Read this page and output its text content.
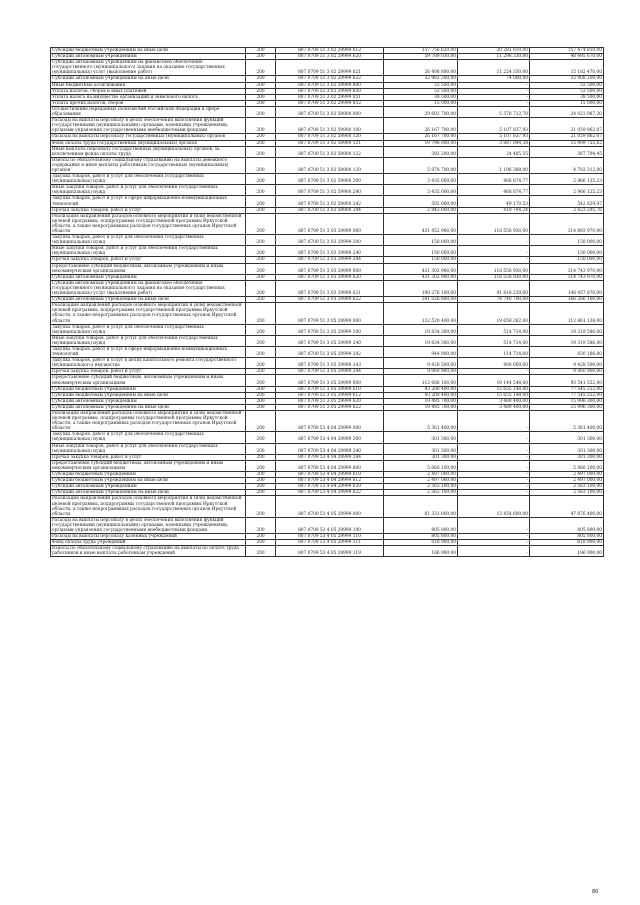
Субсидии бюджетным учреждениям на иные цели	200	807 0709 51 3 02 29999 612	157 756 620,00	20 281 810,00	157 474 810,00
Субсидии автономным учреждениям	200	807 0709 51 3 02 29999 620	59 789 030,00	11 298 330,00	48 495 670,00
Субсидии автономным учреждениям на финансовое обеспечение государственного (муниципального) задания на оказание государственных (муниципальных) услуг (выполнение работ)	200	807 0709 51 3 02 29999 621	26 406 800,00	11 224 330,00	15 182 470,00
Субсидии автономным учреждениям на иные цели	200	807 0709 51 3 02 29999 622	32 982 200,00	74 000,00	32 908 200,00
Иные бюджетные ассигнования	200	807 0709 51 3 02 29999 800	53 500,00	-	53 500,00
Уплата налогов, сборов и иных платежей	200	807 0709 51 3 02 29999 850	53 500,00	-	53 500,00
Уплата налога на имущество организаций и земельного налога	200	807 0709 51 3 02 29999 851	38 500,00	-	38 500,00
Уплата прочих налогов, сборов	200	807 0709 51 3 02 29999 852	15 000,00	-	15 000,00
Осуществление переданных полномочий Российской Федерации в сфере образования	200	807 0709 51 3 02 59900 000	29 602 700,00	5 578 712,70	24 023 987,30
Расходы на выплаты персоналу в целях обеспечения выполнения функций государственными (муниципальными) органами, казенными учреждениями, органами управления государственными внебюджетными фондами	200	807 0709 51 3 02 59900 100	26 167 700,00	5 107 837,93	21 059 862,07
Расходы на выплаты персоналу государственных (муниципальных) органов	200	807 0709 51 3 02 59900 120	26 167 700,00	5 107 837,93	21 059 862,07
Фонд оплаты труда государственных (муниципальных) органов	200	807 0709 51 3 02 59900 121	19 796 800,00	3 887 044,38	15 909 755,62
Иные выплаты персоналу государственных (муниципальных) органов, за исключением фонда оплаты труда	200	807 0709 51 3 02 59900 122	392 200,00	24 405,55	367 794,45
Взносы по обязательному социальному страхованию на выплаты денежного содержания и иные выплаты работникам государственных (муниципальных) органов	200	807 0709 51 3 02 59900 129	5 978 700,00	1 196 388,00	4 782 312,00
Закупка товаров, работ и услуг для обеспечения государственных (муниципальных) нужд	200	807 0709 51 3 02 59900 200	3 435 000,00	468 874,77	2 966 125,23
Иные закупки товаров, работ и услуг для обеспечения государственных (муниципальных) нужд	200	807 0709 51 3 02 59900 240	3 435 000,00	468 874,77	2 966 125,23
Закупка товаров, работ и услуг в сфере информационно-коммуникационных технологий	200	807 0709 51 3 02 59900 242	592 000,00	49 170,53	542 829,47
Прочая закупка товаров, работ и услуг	200	807 0709 51 3 02 59900 244	2 843 000,00	419 704,24	2 423 295,76
Реализация направлений расходов основного мероприятия и (или) ведомственной целевой программы, подпрограммы государственной программы Иркутской области, а также непрограммных расходов государственных органов Иркутской области	200	807 0709 51 3 03 29999 000	431 452 900,00	116 558 930,00	314 893 970,00
Закупка товаров, работ и услуг для обеспечения государственных (муниципальных) нужд	200	807 0709 51 3 03 29999 200	150 000,00	-	150 000,00
Иные закупки товаров, работ и услуг для обеспечения государственных (муниципальных) нужд	200	807 0709 51 3 03 29999 240	150 000,00	-	150 000,00
Прочая закупка товаров, работ и услуг	200	807 0709 51 3 03 29999 244	150 000,00	-	150 000,00
Предоставление субсидий бюджетным, автономным учреждениям и иным некоммерческим организациям	200	807 0709 51 3 03 29999 600	431 302 900,00	116 558 930,00	314 743 970,00
Субсидии автономным учреждениям	200	807 0709 51 3 03 29999 620	431 302 900,00	116 558 930,00	314 743 970,00
Субсидии автономным учреждениям на финансовое обеспечение государственного (муниципального) задания на оказание государственных (муниципальных) услуг (выполнение работ)	200	807 0709 51 3 03 29999 621	190 276 100,00	41 818 230,00	148 457 870,00
Субсидии автономным учреждениям на иные цели	200	807 0709 51 3 03 29999 622	241 026 800,00	74 740 700,00	166 286 100,00
Реализация направлений расходов основного мероприятия и (или) ведомственной целевой программы, подпрограммы государственной программы Иркутской области, а также непрограммных расходов государственных органов Иркутской области	200	807 0709 51 3 05 29999 000	132 520 400,00	19 659 262,00	112 861 138,00
Закупка товаров, работ и услуг для обеспечения государственных (муниципальных) нужд	200	807 0709 51 3 05 29999 200	19 834 300,00	514 714,00	19 319 586,00
Иные закупки товаров, работ и услуг для обеспечения государственных (муниципальных) нужд	200	807 0709 51 3 05 29999 240	19 834 300,00	514 714,00	19 319 586,00
Закупка товаров, работ и услуг в сфере информационно-коммуникационных технологий	200	807 0709 51 3 05 29999 242	944 900,00	114 714,00	830 186,00
Закупка товаров, работ и услуг в целях капитального ремонта государственного (муниципального) имущества	200	807 0709 51 3 05 29999 243	9 828 500,00	400 000,00	9 428 500,00
Прочая закупка товаров, работ и услуг	200	807 0709 51 3 05 29999 244	9 060 900,00	-	9 060 900,00
Предоставление субсидий бюджетным, автономным учреждениям и иным некоммерческим организациям	200	807 0709 51 3 05 29999 600	112 686 100,00	19 144 548,00	93 541 552,00
Субсидии бюджетным учреждениям	200	807 0709 51 3 05 29999 610	93 200 400,00	15 655 148,00	77 545 252,00
Субсидии бюджетным учреждениям на иные цели	200	807 0709 51 3 05 29999 612	93 200 400,00	15 655 148,00	77 545 252,00
Субсидии автономным учреждениям	200	807 0709 51 3 05 29999 620	19 485 700,00	3 489 400,00	15 996 300,00
Субсидии автономным учреждениям на иные цели	200	807 0709 51 3 05 29999 622	19 485 700,00	3 489 400,00	15 996 300,00
Реализация направлений расходов основного мероприятия и (или) ведомственной целевой программы, подпрограммы государственной программы Иркутской области, а также непрограммных расходов государственных органов Иркутской области	200	807 0709 53 4 04 29999 000	5 361 400,00	-	5 361 400,00
Закупка товаров, работ и услуг для обеспечения государственных (муниципальных) нужд	200	807 0709 53 4 04 29999 200	301 300,00	-	301 300,00
Иные закупки товаров, работ и услуг для обеспечения государственных (муниципальных) нужд	200	807 0709 53 4 04 29999 240	301 300,00	-	301 300,00
Прочая закупка товаров, работ и услуг	200	807 0709 53 4 04 29999 244	301 300,00	-	301 300,00
Предоставление субсидий бюджетным, автономным учреждениям и иным некоммерческим организациям	200	807 0709 53 4 04 29999 600	5 060 100,00	-	5 060 100,00
Субсидии бюджетным учреждениям	200	807 0709 53 4 04 29999 610	2 497 000,00	-	2 497 000,00
Субсидии бюджетным учреждениям на иные цели	200	807 0709 53 4 04 29999 612	2 497 000,00	-	2 497 000,00
Субсидии автономным учреждениям	200	807 0709 53 4 04 29999 620	2 563 100,00	-	2 563 100,00
Субсидии автономным учреждениям на иные цели	200	807 0709 53 4 04 29999 622	2 563 100,00	-	2 563 100,00
Реализация направлений расходов основного мероприятия и (или) ведомственной целевой программы, подпрограммы государственной программы Иркутской области, а также непрограммных расходов государственных органов Иркутской области	200	807 0709 53 4 05 29999 000	61 331 000,00	13 454 600,00	47 876 400,00
Расходы на выплаты персоналу в целях обеспечения выполнения функций государственными (муниципальными) органами, казенными учреждениями, органами управления государственными внебюджетными фондами	200	807 0709 53 4 05 29999 100	805 800,00	-	805 800,00
Расходы на выплаты персоналу казенных учреждений	200	807 0709 53 4 05 29999 110	805 800,00	-	805 800,00
Фонд оплаты труда учреждений	200	807 0709 53 4 05 29999 111	618 900,00	-	618 900,00
Взносы по обязательному социальному страхованию на выплаты по оплате труда работников и иные выплаты работникам учреждений	200	807 0709 53 4 05 29999 119	186 900,00	-	186 900,00
80
